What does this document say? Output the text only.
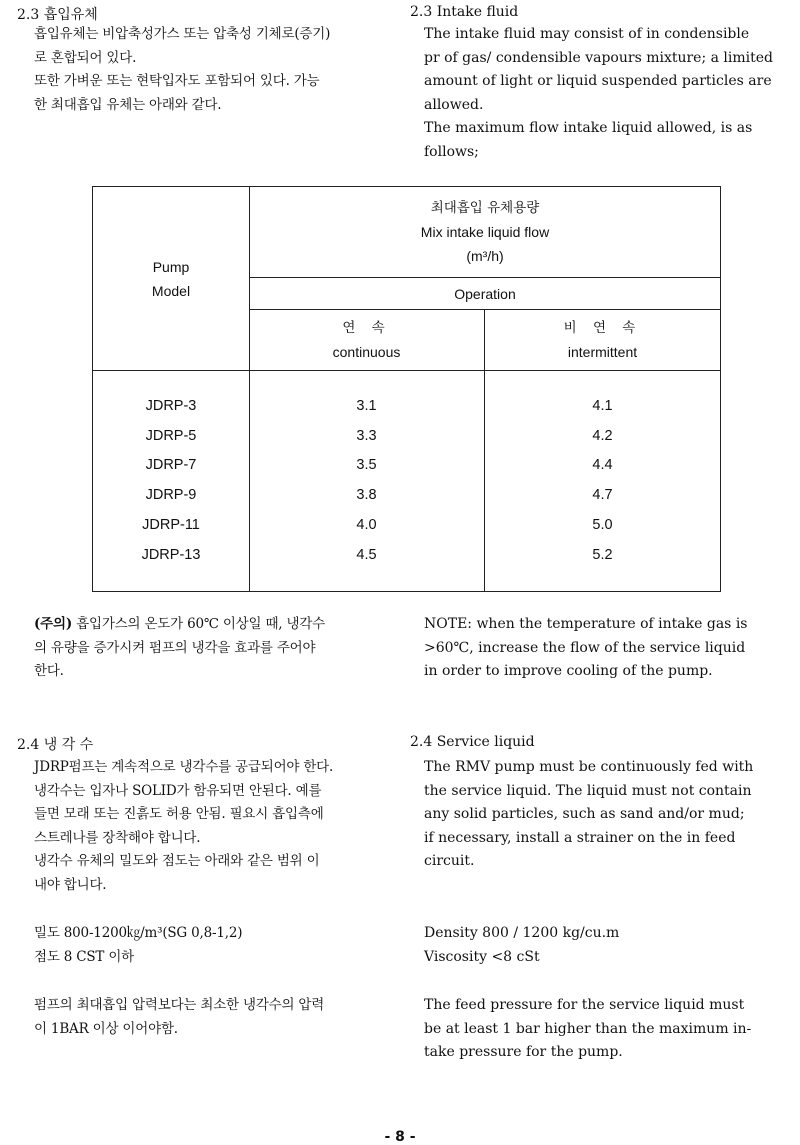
2.3 흡입유체
흡입유체는 비압축성가스 또는 압축성 기체로(증기)
로 혼합되어 있다.
또한 가벼운 또는 현탁입자도 포함되어 있다. 가능
한 최대흡입 유체는 아래와 같다.
2.3 Intake fluid
The intake fluid may consist of in condensible
pr of gas/ condensible vapours mixture; a limited
amount of light or liquid suspended particles are
allowed.
The maximum flow intake liquid allowed, is as
follows;
Pump
Model
최대흡입 유체용량
Mix intake liquid flow
(m³/h)
Operation
연 속
continuous
비 연 속
intermittent
JDRP-3
JDRP-5
JDRP-7
JDRP-9
JDRP-11
JDRP-13
3.1
3.3
3.5
3.8
4.0
4.5
4.1
4.2
4.4
4.7
5.0
5.2
(주의) 흡입가스의 온도가 60℃ 이상일 때, 냉각수
의 유량을 증가시켜 펌프의 냉각을 효과를 주어야
한다.
NOTE: when the temperature of intake gas is
>60℃, increase the flow of the service liquid
in order to improve cooling of the pump.
2.4 냉 각 수
JDRP펌프는 계속적으로 냉각수를 공급되어야 한다.
냉각수는 입자나 SOLID가 함유되면 안된다. 예를
들면 모래 또는 진흙도 허용 안됨. 필요시 흡입측에
스트레나를 장착해야 합니다.
냉각수 유체의 밀도와 점도는 아래와 같은 범위 이
내야 합니다.
2.4 Service liquid
The RMV pump must be continuously fed with
the service liquid. The liquid must not contain
any solid particles, such as sand and/or mud;
if necessary, install a strainer on the in feed
circuit.
밀도 800-1200㎏/m³(SG 0,8-1,2)
점도 8 CST 이하
Density 800 / 1200 kg/cu.m
Viscosity <8 cSt
펌프의 최대흡입 압력보다는 최소한 냉각수의 압력
이 1BAR 이상 이어야함.
The feed pressure for the service liquid must
be at least 1 bar higher than the maximum in-
take pressure for the pump.
- 8 -
